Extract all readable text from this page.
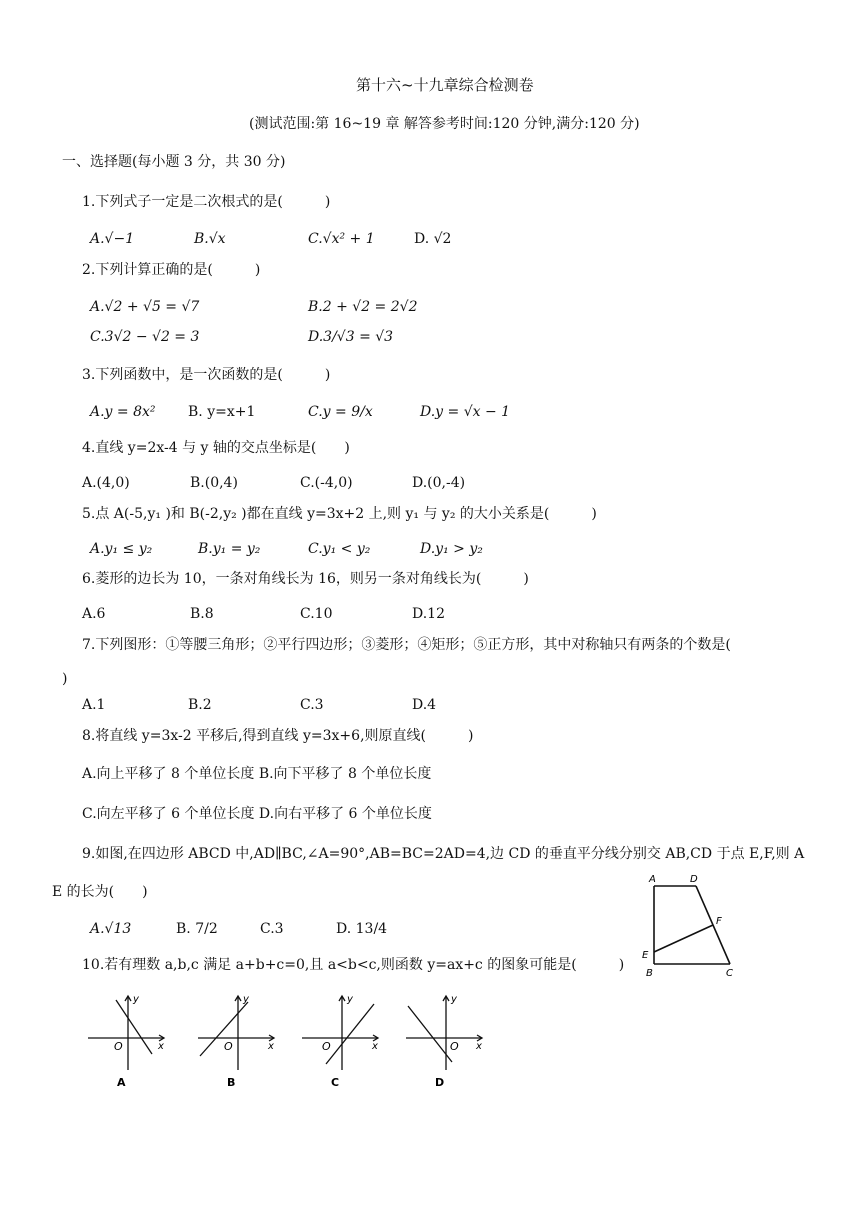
第十六~十九章综合检测卷
(测试范围:第 16~19 章 解答参考时间:120 分钟,满分:120 分)
一、选择题(每小题 3 分，共 30 分)
1.下列式子一定是二次根式的是(　　　)
A.√−1	B.√x	C.√x² + 1	D. √2
2.下列计算正确的是(　　　)
A.√2 + √5 = √7	B.2 + √2 = 2√2
C.3√2 − √2 = 3	D.3/√3 = √3
3.下列函数中，是一次函数的是(　　　)
A.y = 8x² B. y=x+1	C.y = 9/x	D.y = √x − 1
4.直线 y=2x-4 与 y 轴的交点坐标是(　　)
A.(4,0)	B.(0,4)	C.(-4,0)	D.(0,-4)
5.点 A(-5,y₁ )和 B(-2,y₂ )都在直线 y=3x+2 上,则 y₁ 与 y₂ 的大小关系是(　　　)
A.y₁ ≤ y₂	B.y₁ = y₂	C.y₁ < y₂	D.y₁ > y₂
6.菱形的边长为 10，一条对角线长为 16，则另一条对角线长为(　　　)
A.6	B.8	C.10	D.12
7.下列图形：①等腰三角形；②平行四边形；③菱形；④矩形；⑤正方形，其中对称轴只有两条的个数是(
)
A.1	B.2	C.3	D.4
8.将直线 y=3x-2 平移后,得到直线 y=3x+6,则原直线(　　　)
A.向上平移了 8 个单位长度 B.向下平移了 8 个单位长度
C.向左平移了 6 个单位长度 D.向右平移了 6 个单位长度
9.如图,在四边形 ABCD 中,AD∥BC,∠A=90°,AB=BC=2AD=4,边 CD 的垂直平分线分别交 AB,CD 于点 E,F,则 A
E 的长为(　　)
A.√13	B. 7/2	C.3	D. 13/4
A	D
F
E
B	C
10.若有理数 a,b,c 满足 a+b+c=0,且 a<b<c,则函数 y=ax+c 的图象可能是(　　　)
y
x
O
A
y
x
O
B
y
x
O
C
y
x
O
D
